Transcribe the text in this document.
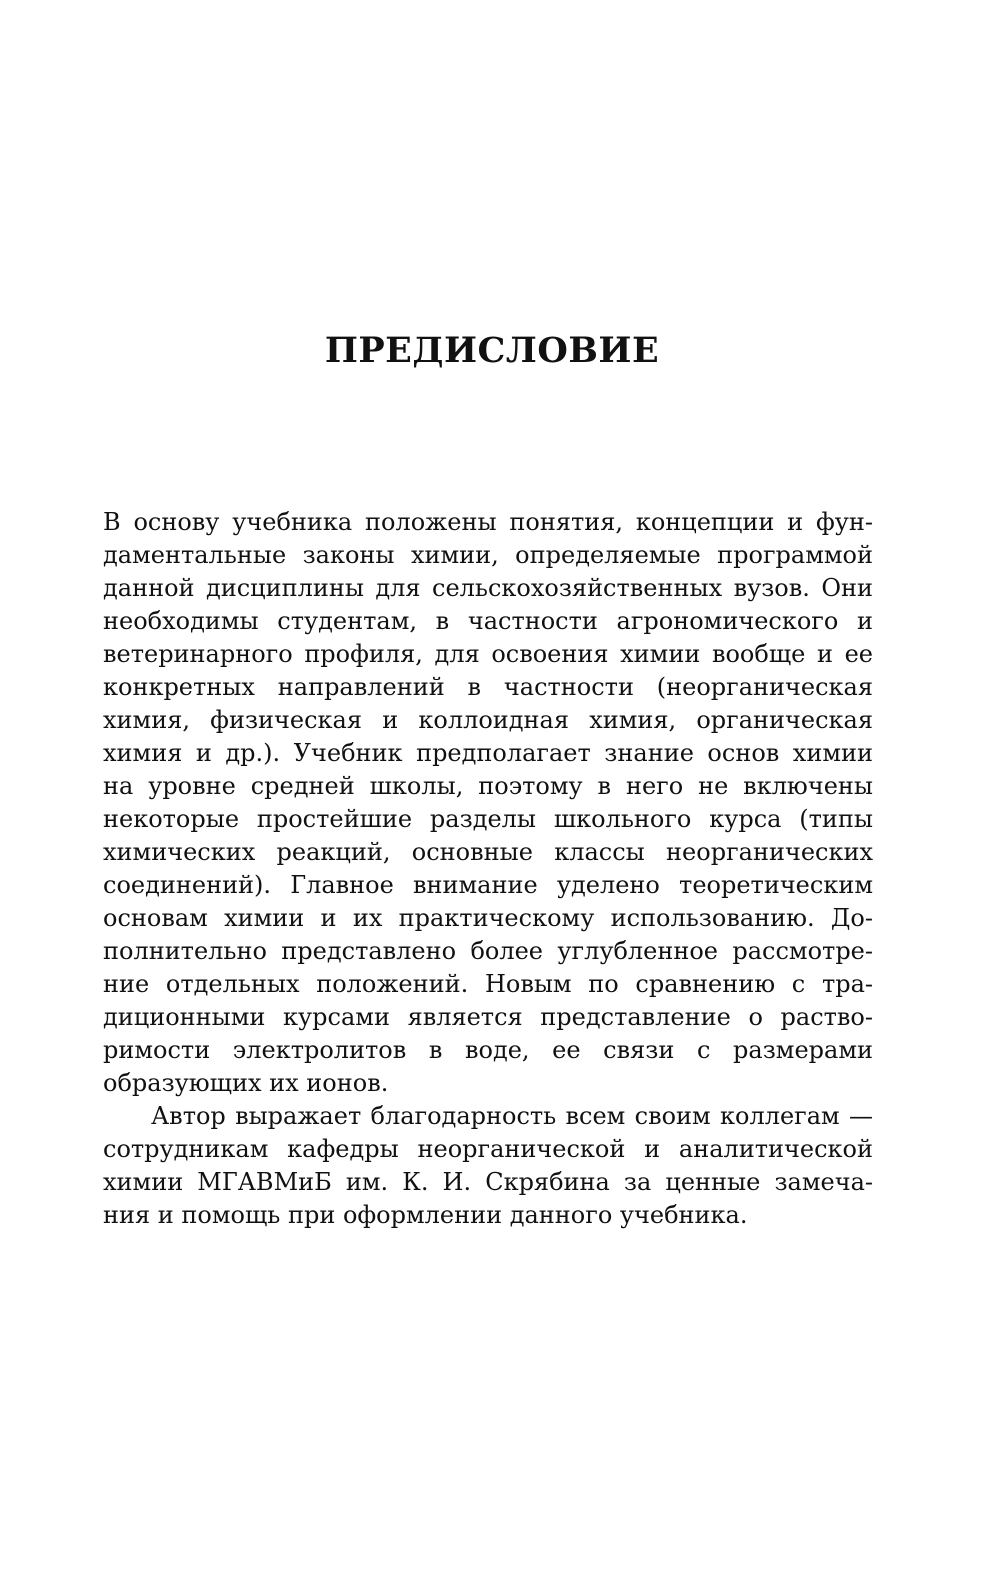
ПРЕДИСЛОВИЕ
В основу учебника положены понятия, концепции и фун-
даментальные законы химии, определяемые программой
данной дисциплины для сельскохозяйственных вузов. Они
необходимы студентам, в частности агрономического и
ветеринарного профиля, для освоения химии вообще и ее
конкретных направлений в частности (неорганическая
химия, физическая и коллоидная химия, органическая
химия и др.). Учебник предполагает знание основ химии
на уровне средней школы, поэтому в него не включены
некоторые простейшие разделы школьного курса (типы
химических реакций, основные классы неорганических
соединений). Главное внимание уделено теоретическим
основам химии и их практическому использованию. До-
полнительно представлено более углубленное рассмотре-
ние отдельных положений. Новым по сравнению с тра-
диционными курсами является представление о раство-
римости электролитов в воде, ее связи с размерами
образующих их ионов.
Автор выражает благодарность всем своим коллегам —
сотрудникам кафедры неорганической и аналитической
химии МГАВМиБ им. К. И. Скрябина за ценные замеча-
ния и помощь при оформлении данного учебника.
